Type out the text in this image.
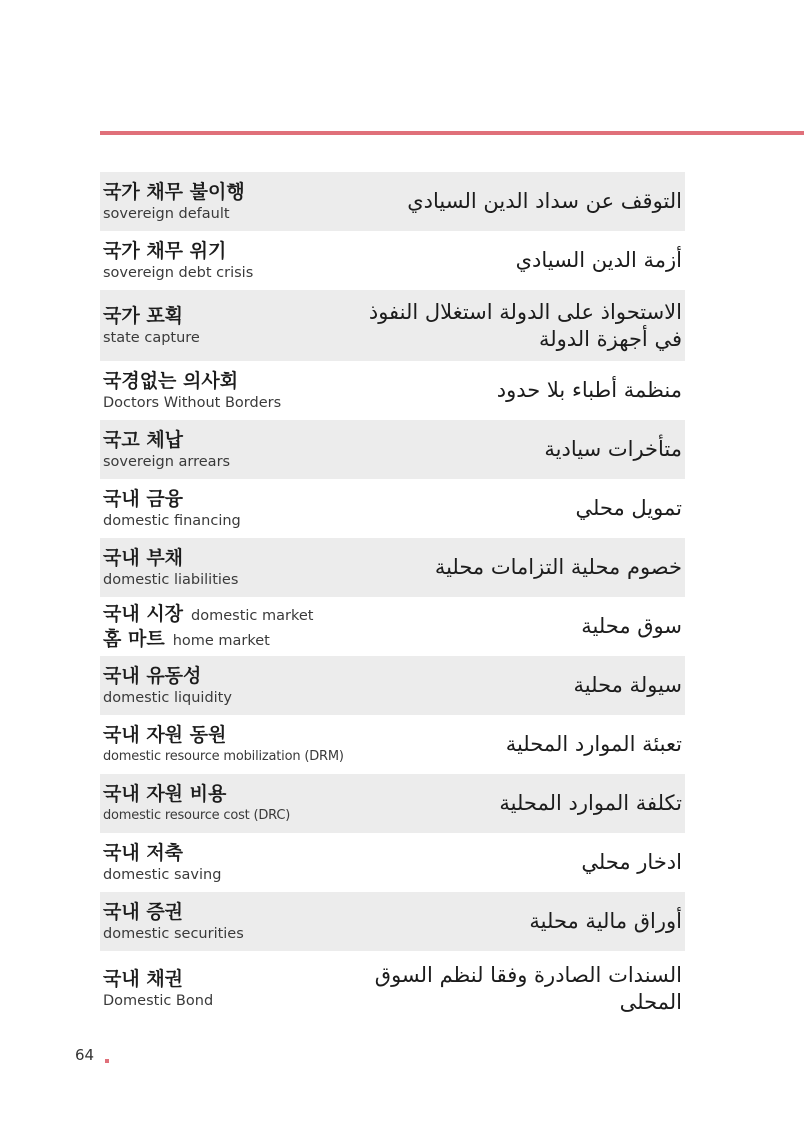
국가 채무 불이행
sovereign default
التوقف عن سداد الدين السيادي
국가 채무 위기
sovereign debt crisis
أزمة الدين السيادي
국가 포획
state capture
الاستحواذ على الدولة استغلال النفوذ في أجهزة الدولة
국경없는 의사회
Doctors Without Borders
منظمة أطباء بلا حدود
국고 체납
sovereign arrears
متأخرات سيادية
국내 금융
domestic financing
تمويل محلي
국내 부채
domestic liabilities
خصوم محلية التزامات محلية
국내 시장 domestic market
홈 마트 home market
سوق محلية
국내 유동성
domestic liquidity
سيولة محلية
국내 자원 동원
domestic resource mobilization (DRM)	تعبئة الموارد المحلية
국내 자원 비용
domestic resource cost (DRC)	تكلفة الموارد المحلية
국내 저축
domestic saving
ادخار محلي
국내 증권
domestic securities
أوراق مالية محلية
국내 채권
Domestic Bond
السندات الصادرة وفقا لنظم السوق المحلى
64
